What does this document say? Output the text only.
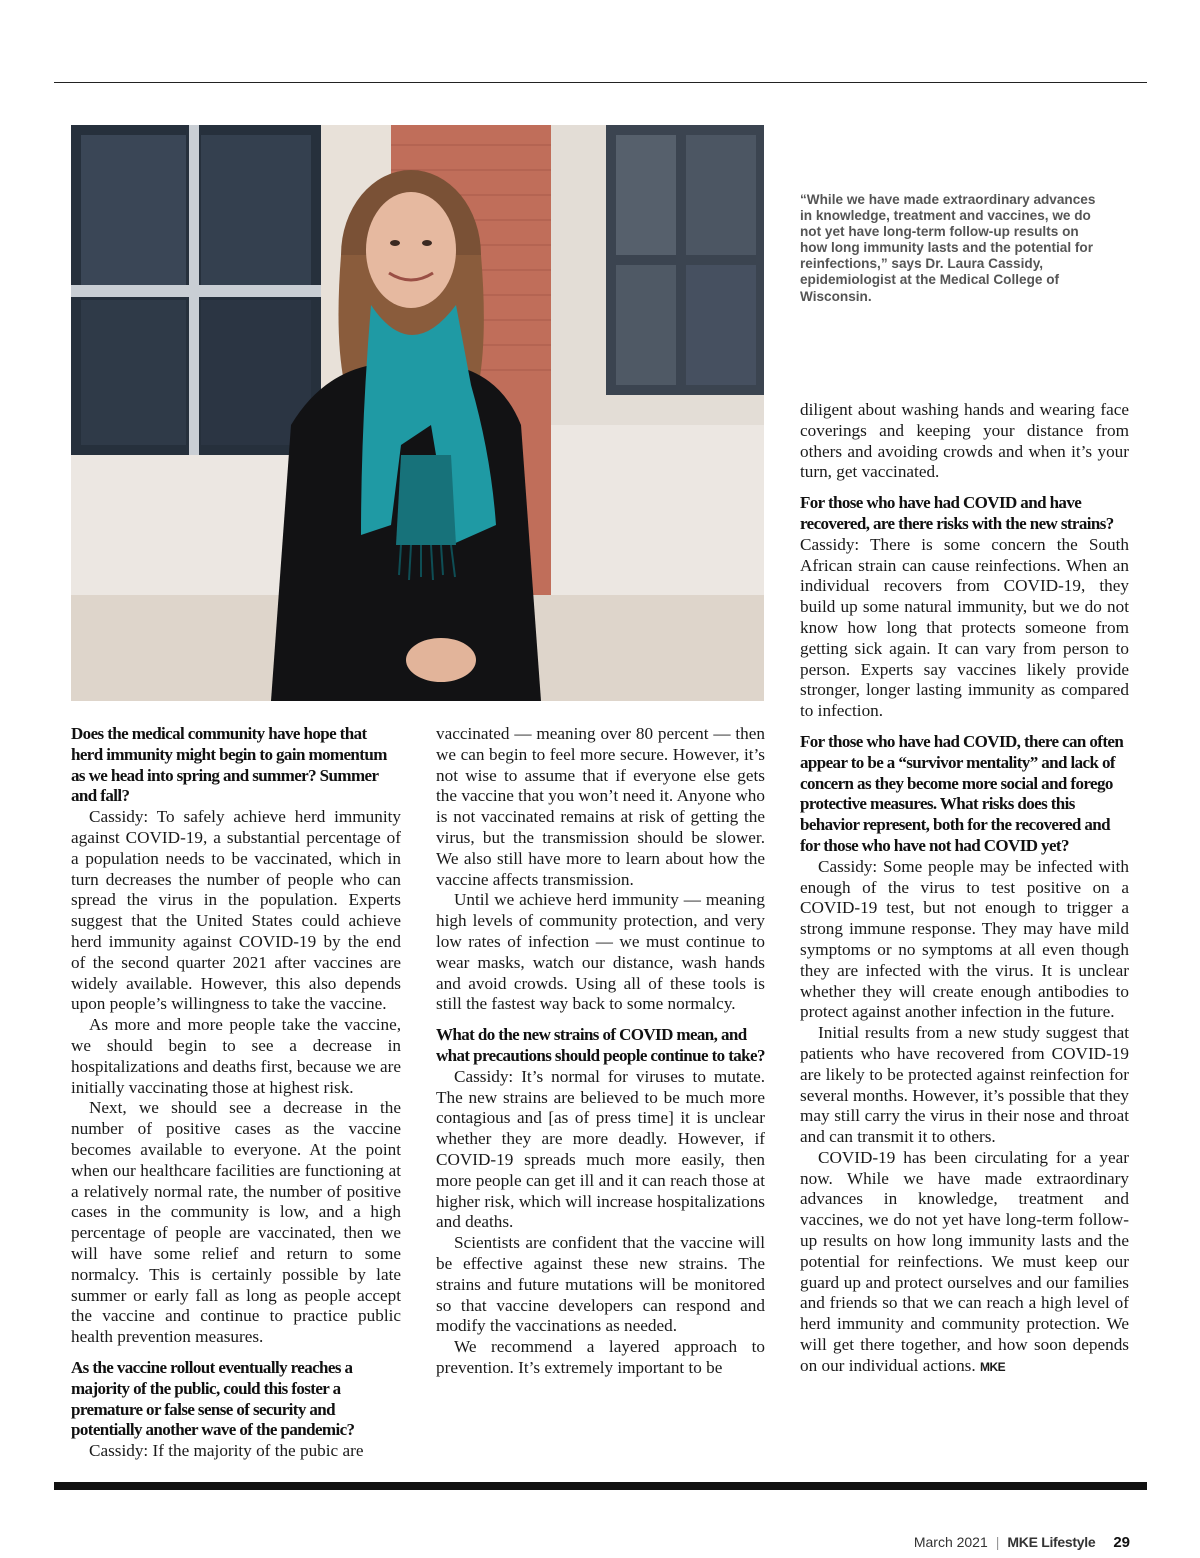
“While we have made extraordinary advances in knowledge, treatment and vaccines, we do not yet have long-term follow-up results on how long immunity lasts and the potential for reinfections,” says Dr. Laura Cassidy, epidemiologist at the Medical College of Wisconsin.

Does the medical community have hope that herd immunity might begin to gain momentum as we head into spring and summer? Summer and fall?

Cassidy: To safely achieve herd immunity against COVID-19, a substantial percentage of a population needs to be vaccinated, which in turn decreases the number of people who can spread the virus in the population. Experts suggest that the United States could achieve herd immunity against COVID-19 by the end of the second quarter 2021 after vaccines are widely available. However, this also depends upon people’s willingness to take the vaccine.

As more and more people take the vaccine, we should begin to see a decrease in hospitalizations and deaths first, because we are initially vaccinating those at highest risk.

Next, we should see a decrease in the number of positive cases as the vaccine becomes available to everyone. At the point when our healthcare facilities are functioning at a relatively normal rate, the number of positive cases in the community is low, and a high percentage of people are vaccinated, then we will have some relief and return to some normalcy. This is certainly possible by late summer or early fall as long as people accept the vaccine and continue to practice public health prevention measures.

As the vaccine rollout eventually reaches a majority of the public, could this foster a premature or false sense of security and potentially another wave of the pandemic?

Cassidy: If the majority of the pubic are

vaccinated — meaning over 80 percent — then we can begin to feel more secure. However, it’s not wise to assume that if everyone else gets the vaccine that you won’t need it. Anyone who is not vaccinated remains at risk of getting the virus, but the transmission should be slower. We also still have more to learn about how the vaccine affects transmission.

Until we achieve herd immunity — meaning high levels of community protection, and very low rates of infection — we must continue to wear masks, watch our distance, wash hands and avoid crowds. Using all of these tools is still the fastest way back to some normalcy.

What do the new strains of COVID mean, and what precautions should people continue to take?

Cassidy: It’s normal for viruses to mutate. The new strains are believed to be much more contagious and [as of press time] it is unclear whether they are more deadly. However, if COVID-19 spreads much more easily, then more people can get ill and it can reach those at higher risk, which will increase hospitalizations and deaths.

Scientists are confident that the vaccine will be effective against these new strains. The strains and future mutations will be monitored so that vaccine developers can respond and modify the vaccinations as needed.

We recommend a layered approach to prevention. It’s extremely important to be

diligent about washing hands and wearing face coverings and keeping your distance from others and avoiding crowds and when it’s your turn, get vaccinated.

For those who have had COVID and have recovered, are there risks with the new strains?

Cassidy: There is some concern the South African strain can cause reinfections. When an individual recovers from COVID-19, they build up some natural immunity, but we do not know how long that protects someone from getting sick again. It can vary from person to person. Experts say vaccines likely provide stronger, longer lasting immunity as compared to infection.

For those who have had COVID, there can often appear to be a “survivor mentality” and lack of concern as they become more social and forego protective measures. What risks does this behavior represent, both for the recovered and for those who have not had COVID yet?

Cassidy: Some people may be infected with enough of the virus to test positive on a COVID-19 test, but not enough to trigger a strong immune response. They may have mild symptoms or no symptoms at all even though they are infected with the virus. It is unclear whether they will create enough antibodies to protect against another infection in the future.

Initial results from a new study suggest that patients who have recovered from COVID-19 are likely to be protected against reinfection for several months. However, it’s possible that they may still carry the virus in their nose and throat and can transmit it to others.

COVID-19 has been circulating for a year now. While we have made extraordinary advances in knowledge, treatment and vaccines, we do not yet have long-term follow-up results on how long immunity lasts and the potential for reinfections. We must keep our guard up and protect ourselves and our families and friends so that we can reach a high level of herd immunity and community protection. We will get there together, and how soon depends on our individual actions. MKE

March 2021 | MKE Lifestyle 29
